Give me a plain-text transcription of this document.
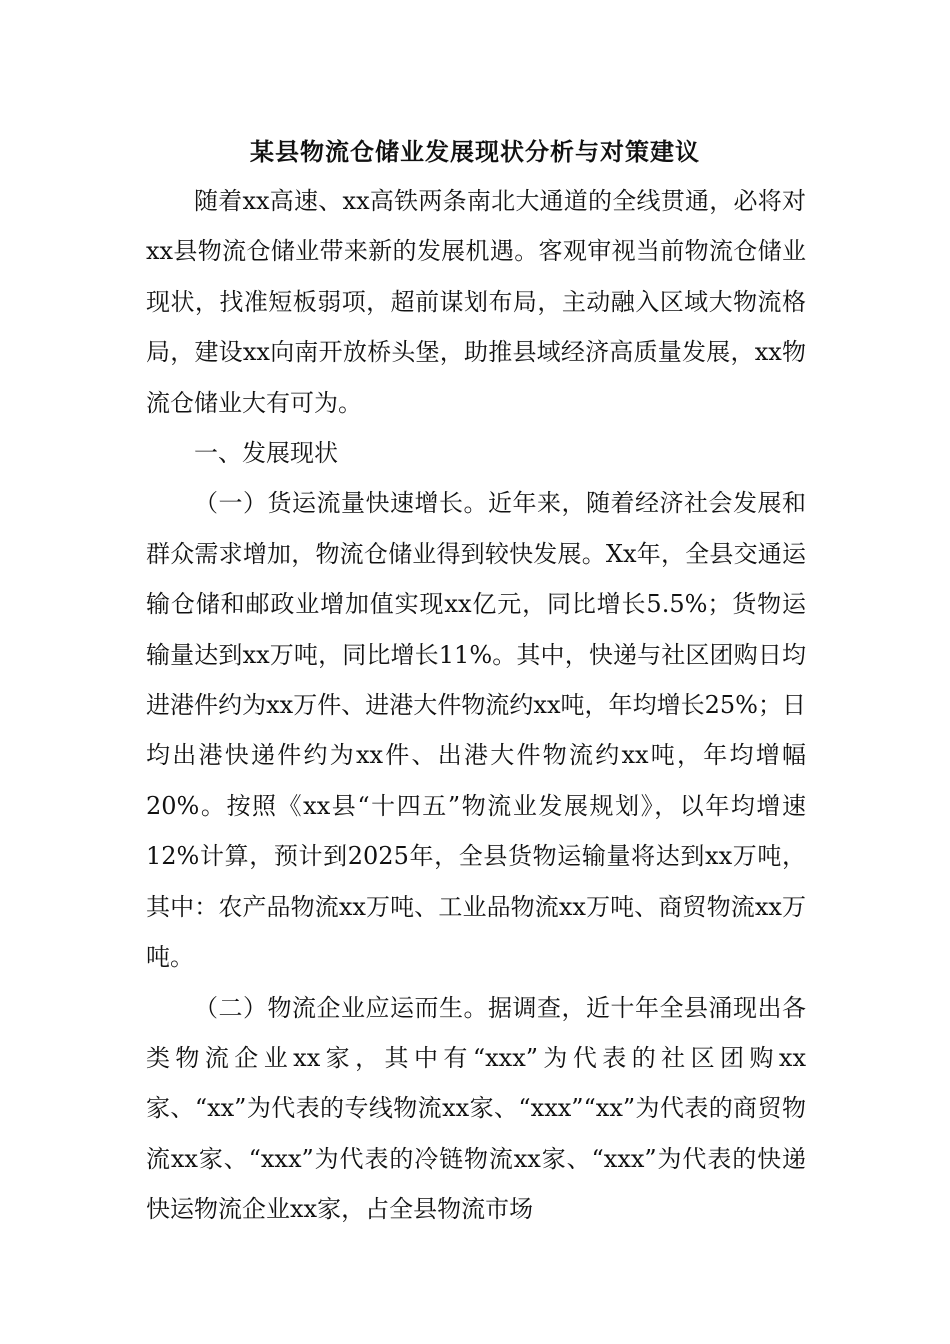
某县物流仓储业发展现状分析与对策建议

随着xx高速、xx高铁两条南北大通道的全线贯通，必将对xx县物流仓储业带来新的发展机遇。客观审视当前物流仓储业现状，找准短板弱项，超前谋划布局，主动融入区域大物流格局，建设xx向南开放桥头堡，助推县域经济高质量发展，xx物流仓储业大有可为。

一、发展现状

（一）货运流量快速增长。近年来，随着经济社会发展和群众需求增加，物流仓储业得到较快发展。Xx年，全县交通运输仓储和邮政业增加值实现xx亿元，同比增长5.5%；货物运输量达到xx万吨，同比增长11%。其中，快递与社区团购日均进港件约为xx万件、进港大件物流约xx吨，年均增长25%；日均出港快递件约为xx件、出港大件物流约xx吨，年均增幅20%。按照《xx县“十四五”物流业发展规划》，以年均增速12%计算，预计到2025年，全县货物运输量将达到xx万吨，其中：农产品物流xx万吨、工业品物流xx万吨、商贸物流xx万吨。

（二）物流企业应运而生。据调查，近十年全县涌现出各类物流企业xx家，其中有“xxx”为代表的社区团购xx家、“xx”为代表的专线物流xx家、“xxx”“xx”为代表的商贸物流xx家、“xxx”为代表的冷链物流xx家、“xxx”为代表的快递快运物流企业xx家，占全县物流市场
